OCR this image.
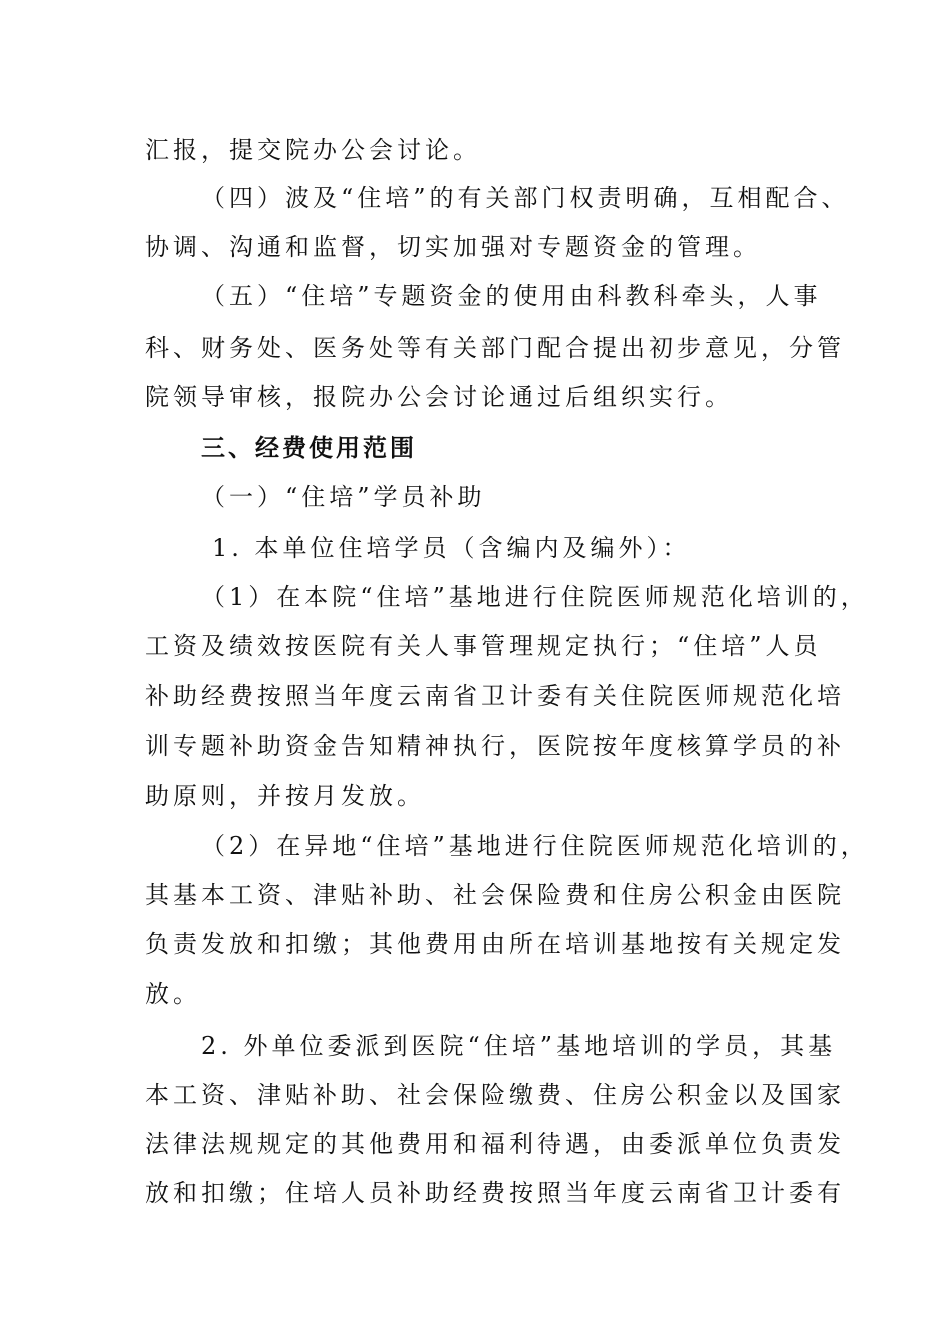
汇报，提交院办公会讨论。
（四）波及“住培”的有关部门权责明确，互相配合、
协调、沟通和监督，切实加强对专题资金的管理。
（五）“住培”专题资金的使用由科教科牵头，人事
科、财务处、医务处等有关部门配合提出初步意见，分管
院领导审核，报院办公会讨论通过后组织实行。
三、经费使用范围
（一）“住培”学员补助
1. 本单位住培学员（含编内及编外）：
（1）在本院“住培”基地进行住院医师规范化培训的，
工资及绩效按医院有关人事管理规定执行；“住培”人员
补助经费按照当年度云南省卫计委有关住院医师规范化培
训专题补助资金告知精神执行，医院按年度核算学员的补
助原则，并按月发放。
（2）在异地“住培”基地进行住院医师规范化培训的，
其基本工资、津贴补助、社会保险费和住房公积金由医院
负责发放和扣缴；其他费用由所在培训基地按有关规定发
放。
2. 外单位委派到医院“住培”基地培训的学员，其基
本工资、津贴补助、社会保险缴费、住房公积金以及国家
法律法规规定的其他费用和福利待遇，由委派单位负责发
放和扣缴；住培人员补助经费按照当年度云南省卫计委有
